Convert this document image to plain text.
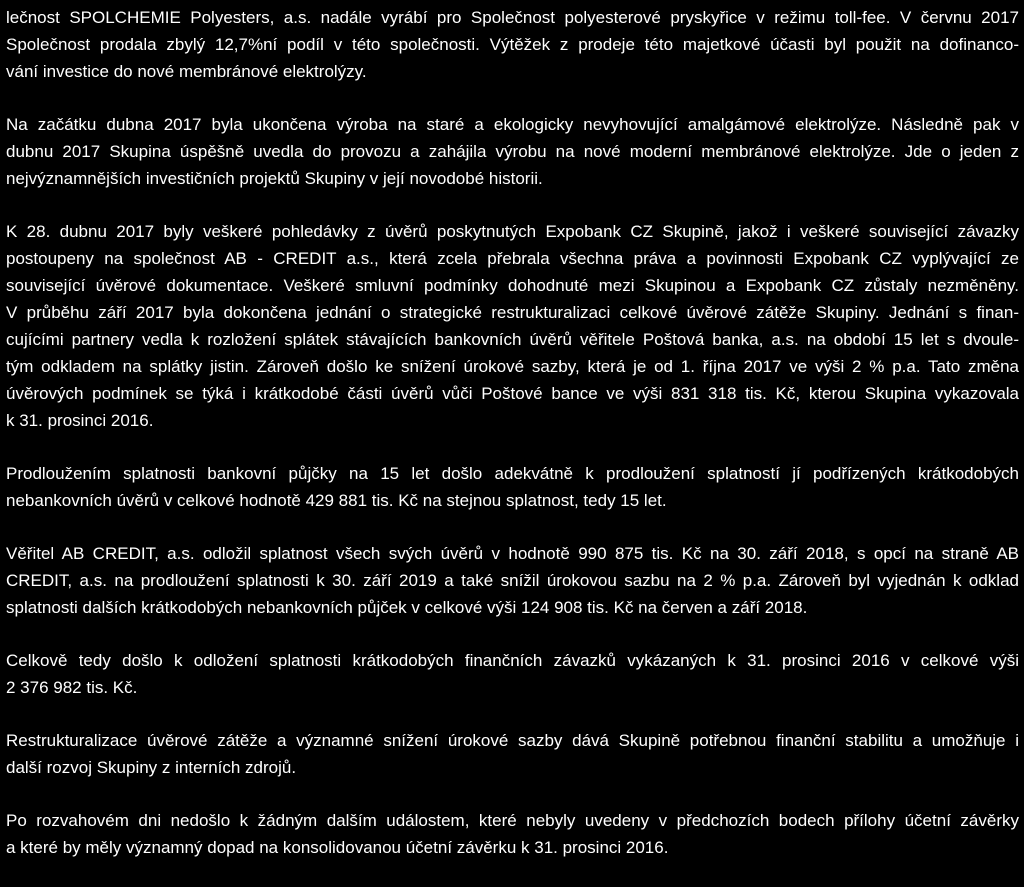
lečnost SPOLCHEMIE Polyesters, a.s. nadále vyrábí pro Společnost polyesterové pryskyřice v režimu toll-fee. V červnu 2017
Společnost prodala zbylý 12,7%ní podíl v této společnosti. Výtěžek z prodeje této majetkové účasti byl použit na dofinanco-
vání investice do nové membránové elektrolýzy.
Na začátku dubna 2017 byla ukončena výroba na staré a ekologicky nevyhovující amalgámové elektrolýze. Následně pak v
dubnu 2017 Skupina úspěšně uvedla do provozu a zahájila výrobu na nové moderní membránové elektrolýze. Jde o jeden z
nejvýznamnějších investičních projektů Skupiny v její novodobé historii.
K 28. dubnu 2017 byly veškeré pohledávky z úvěrů poskytnutých Expobank CZ Skupině, jakož i veškeré související závazky
postoupeny na společnost AB - CREDIT a.s., která zcela přebrala všechna práva a povinnosti Expobank CZ vyplývající ze
související úvěrové dokumentace. Veškeré smluvní podmínky dohodnuté mezi Skupinou a Expobank CZ zůstaly nezměněny.
V průběhu září 2017 byla dokončena jednání o strategické restrukturalizaci celkové úvěrové zátěže Skupiny. Jednání s finan-
cujícími partnery vedla k rozložení splátek stávajících bankovních úvěrů věřitele Poštová banka, a.s. na období 15 let s dvoule-
tým odkladem na splátky jistin. Zároveň došlo ke snížení úrokové sazby, která je od 1. října 2017 ve výši 2 % p.a. Tato změna
úvěrových podmínek se týká i krátkodobé části úvěrů vůči Poštové bance ve výši 831 318 tis. Kč, kterou Skupina vykazovala
k 31. prosinci 2016.
Prodloužením splatnosti bankovní půjčky na 15 let došlo adekvátně k prodloužení splatností jí podřízených krátkodobých
nebankovních úvěrů v celkové hodnotě 429 881 tis. Kč na stejnou splatnost, tedy 15 let.
Věřitel AB CREDIT, a.s. odložil splatnost všech svých úvěrů v hodnotě 990 875 tis. Kč na 30. září 2018, s opcí na straně AB
CREDIT, a.s. na prodloužení splatnosti k 30. září 2019 a také snížil úrokovou sazbu na 2 % p.a. Zároveň byl vyjednán k odklad
splatnosti dalších krátkodobých nebankovních půjček v celkové výši 124 908 tis. Kč na červen a září 2018.
Celkově tedy došlo k odložení splatnosti krátkodobých finančních závazků vykázaných k 31. prosinci 2016 v celkové výši
2 376 982 tis. Kč.
Restrukturalizace úvěrové zátěže a významné snížení úrokové sazby dává Skupině potřebnou finanční stabilitu a umožňuje i
další rozvoj Skupiny z interních zdrojů.
Po rozvahovém dni nedošlo k žádným dalším událostem, které nebyly uvedeny v předchozích bodech přílohy účetní závěrky
a které by měly významný dopad na konsolidovanou účetní závěrku k 31. prosinci 2016.
